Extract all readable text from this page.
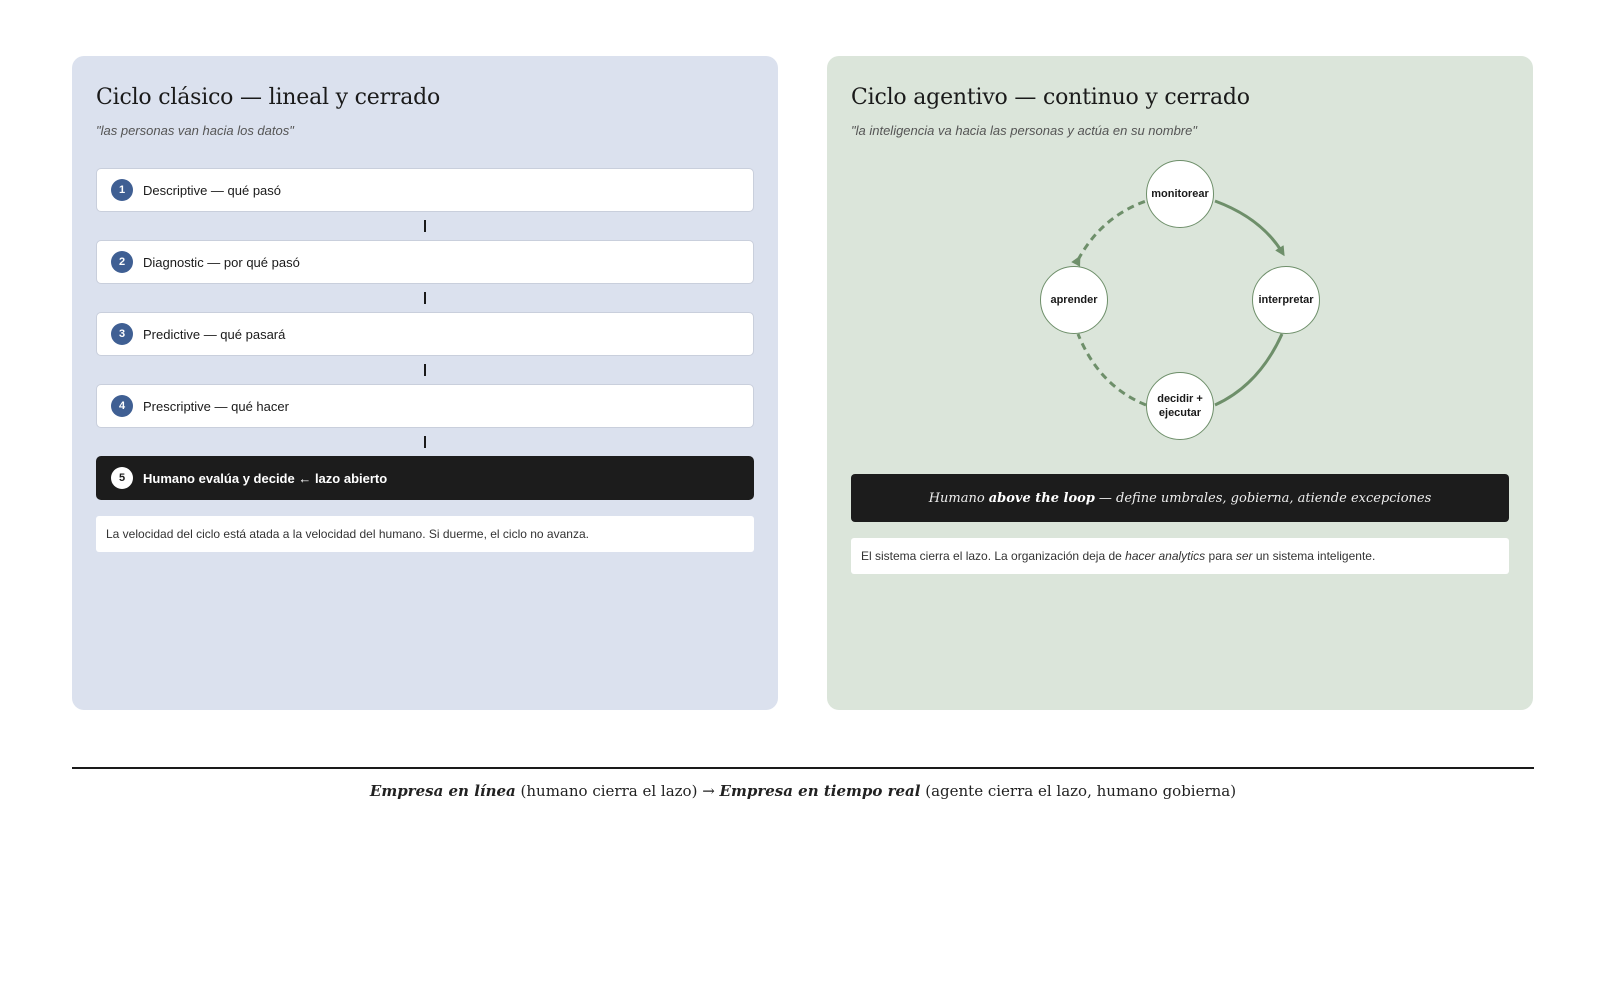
Ciclo clásico — lineal y cerrado
"las personas van hacia los datos"
1	Descriptive — qué pasó
2	Diagnostic — por qué pasó
3	Predictive — qué pasará
4	Prescriptive — qué hacer
5	Humano evalúa y decide ← lazo abierto
La velocidad del ciclo está atada a la velocidad del humano. Si duerme, el ciclo no avanza.
Ciclo agentivo — continuo y cerrado
"la inteligencia va hacia las personas y actúa en su nombre"
monitorear
interpretar
decidir + ejecutar
aprender
Humano above the loop — define umbrales, gobierna, atiende excepciones
El sistema cierra el lazo. La organización deja de hacer analytics para ser un sistema inteligente.
Empresa en línea (humano cierra el lazo) → Empresa en tiempo real (agente cierra el lazo, humano gobierna)
